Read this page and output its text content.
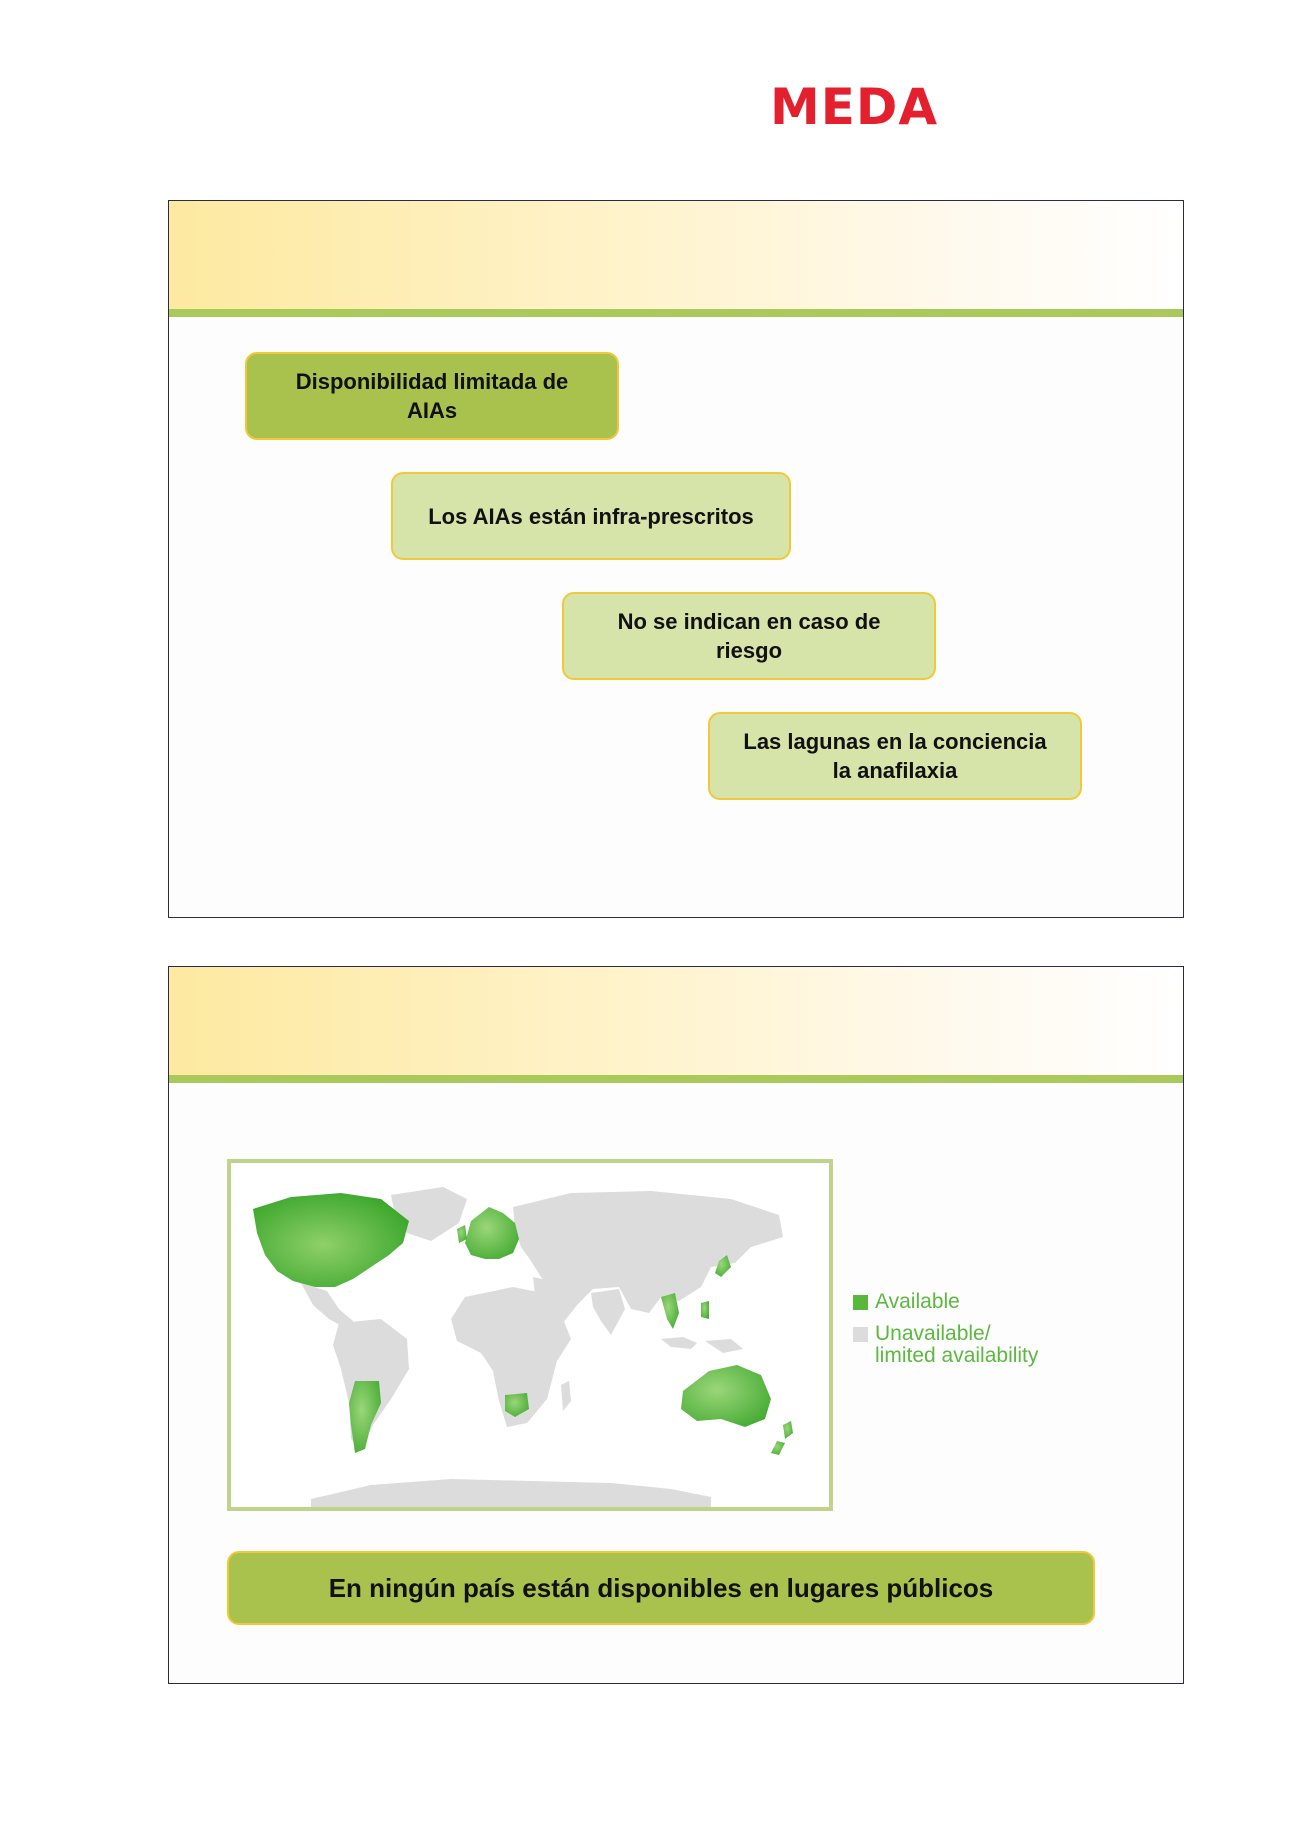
MEDA
Disponibilidad limitada de AIAs
Los AIAs están infra-prescritos
No se indican en caso de riesgo
Las lagunas en la conciencia la anafilaxia
Available
Unavailable/
limited availability
En ningún país están disponibles en lugares públicos
